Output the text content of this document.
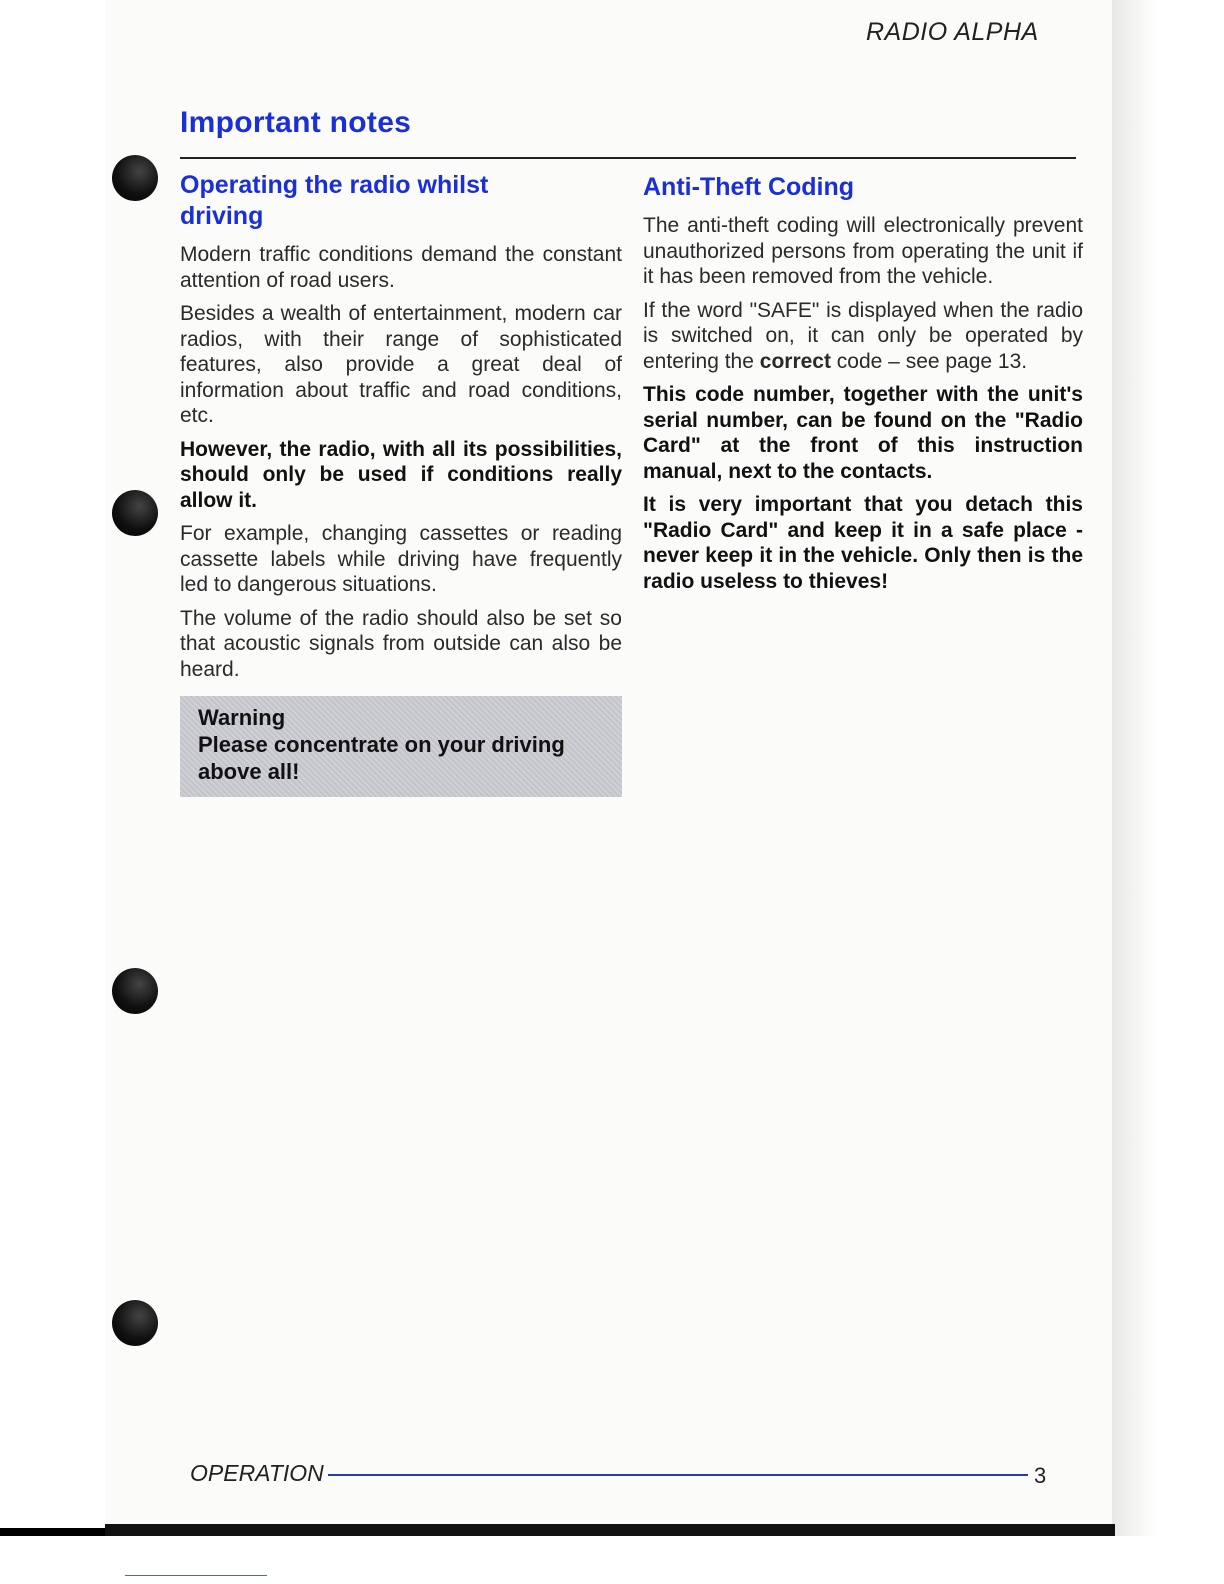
RADIO ALPHA
Important notes
Operating the radio whilst
driving

Modern traffic conditions demand the constant attention of road users.

Besides a wealth of entertainment, modern car radios, with their range of sophisticated features, also provide a great deal of information about traffic and road conditions, etc.

However, the radio, with all its possibilities, should only be used if conditions really allow it.

For example, changing cassettes or reading cassette labels while driving have frequently led to dangerous situations.

The volume of the radio should also be set so that acoustic signals from outside can also be heard.

Warning
Please concentrate on your driving above all!
Anti-Theft Coding

The anti-theft coding will electronically prevent unauthorized persons from operating the unit if it has been removed from the vehicle.

If the word "SAFE" is displayed when the radio is switched on, it can only be operated by entering the correct code – see page 13.

This code number, together with the unit's serial number, can be found on the "Radio Card" at the front of this instruction manual, next to the contacts.

It is very important that you detach this "Radio Card" and keep it in a safe place - never keep it in the vehicle. Only then is the radio useless to thieves!

OPERATION	3
